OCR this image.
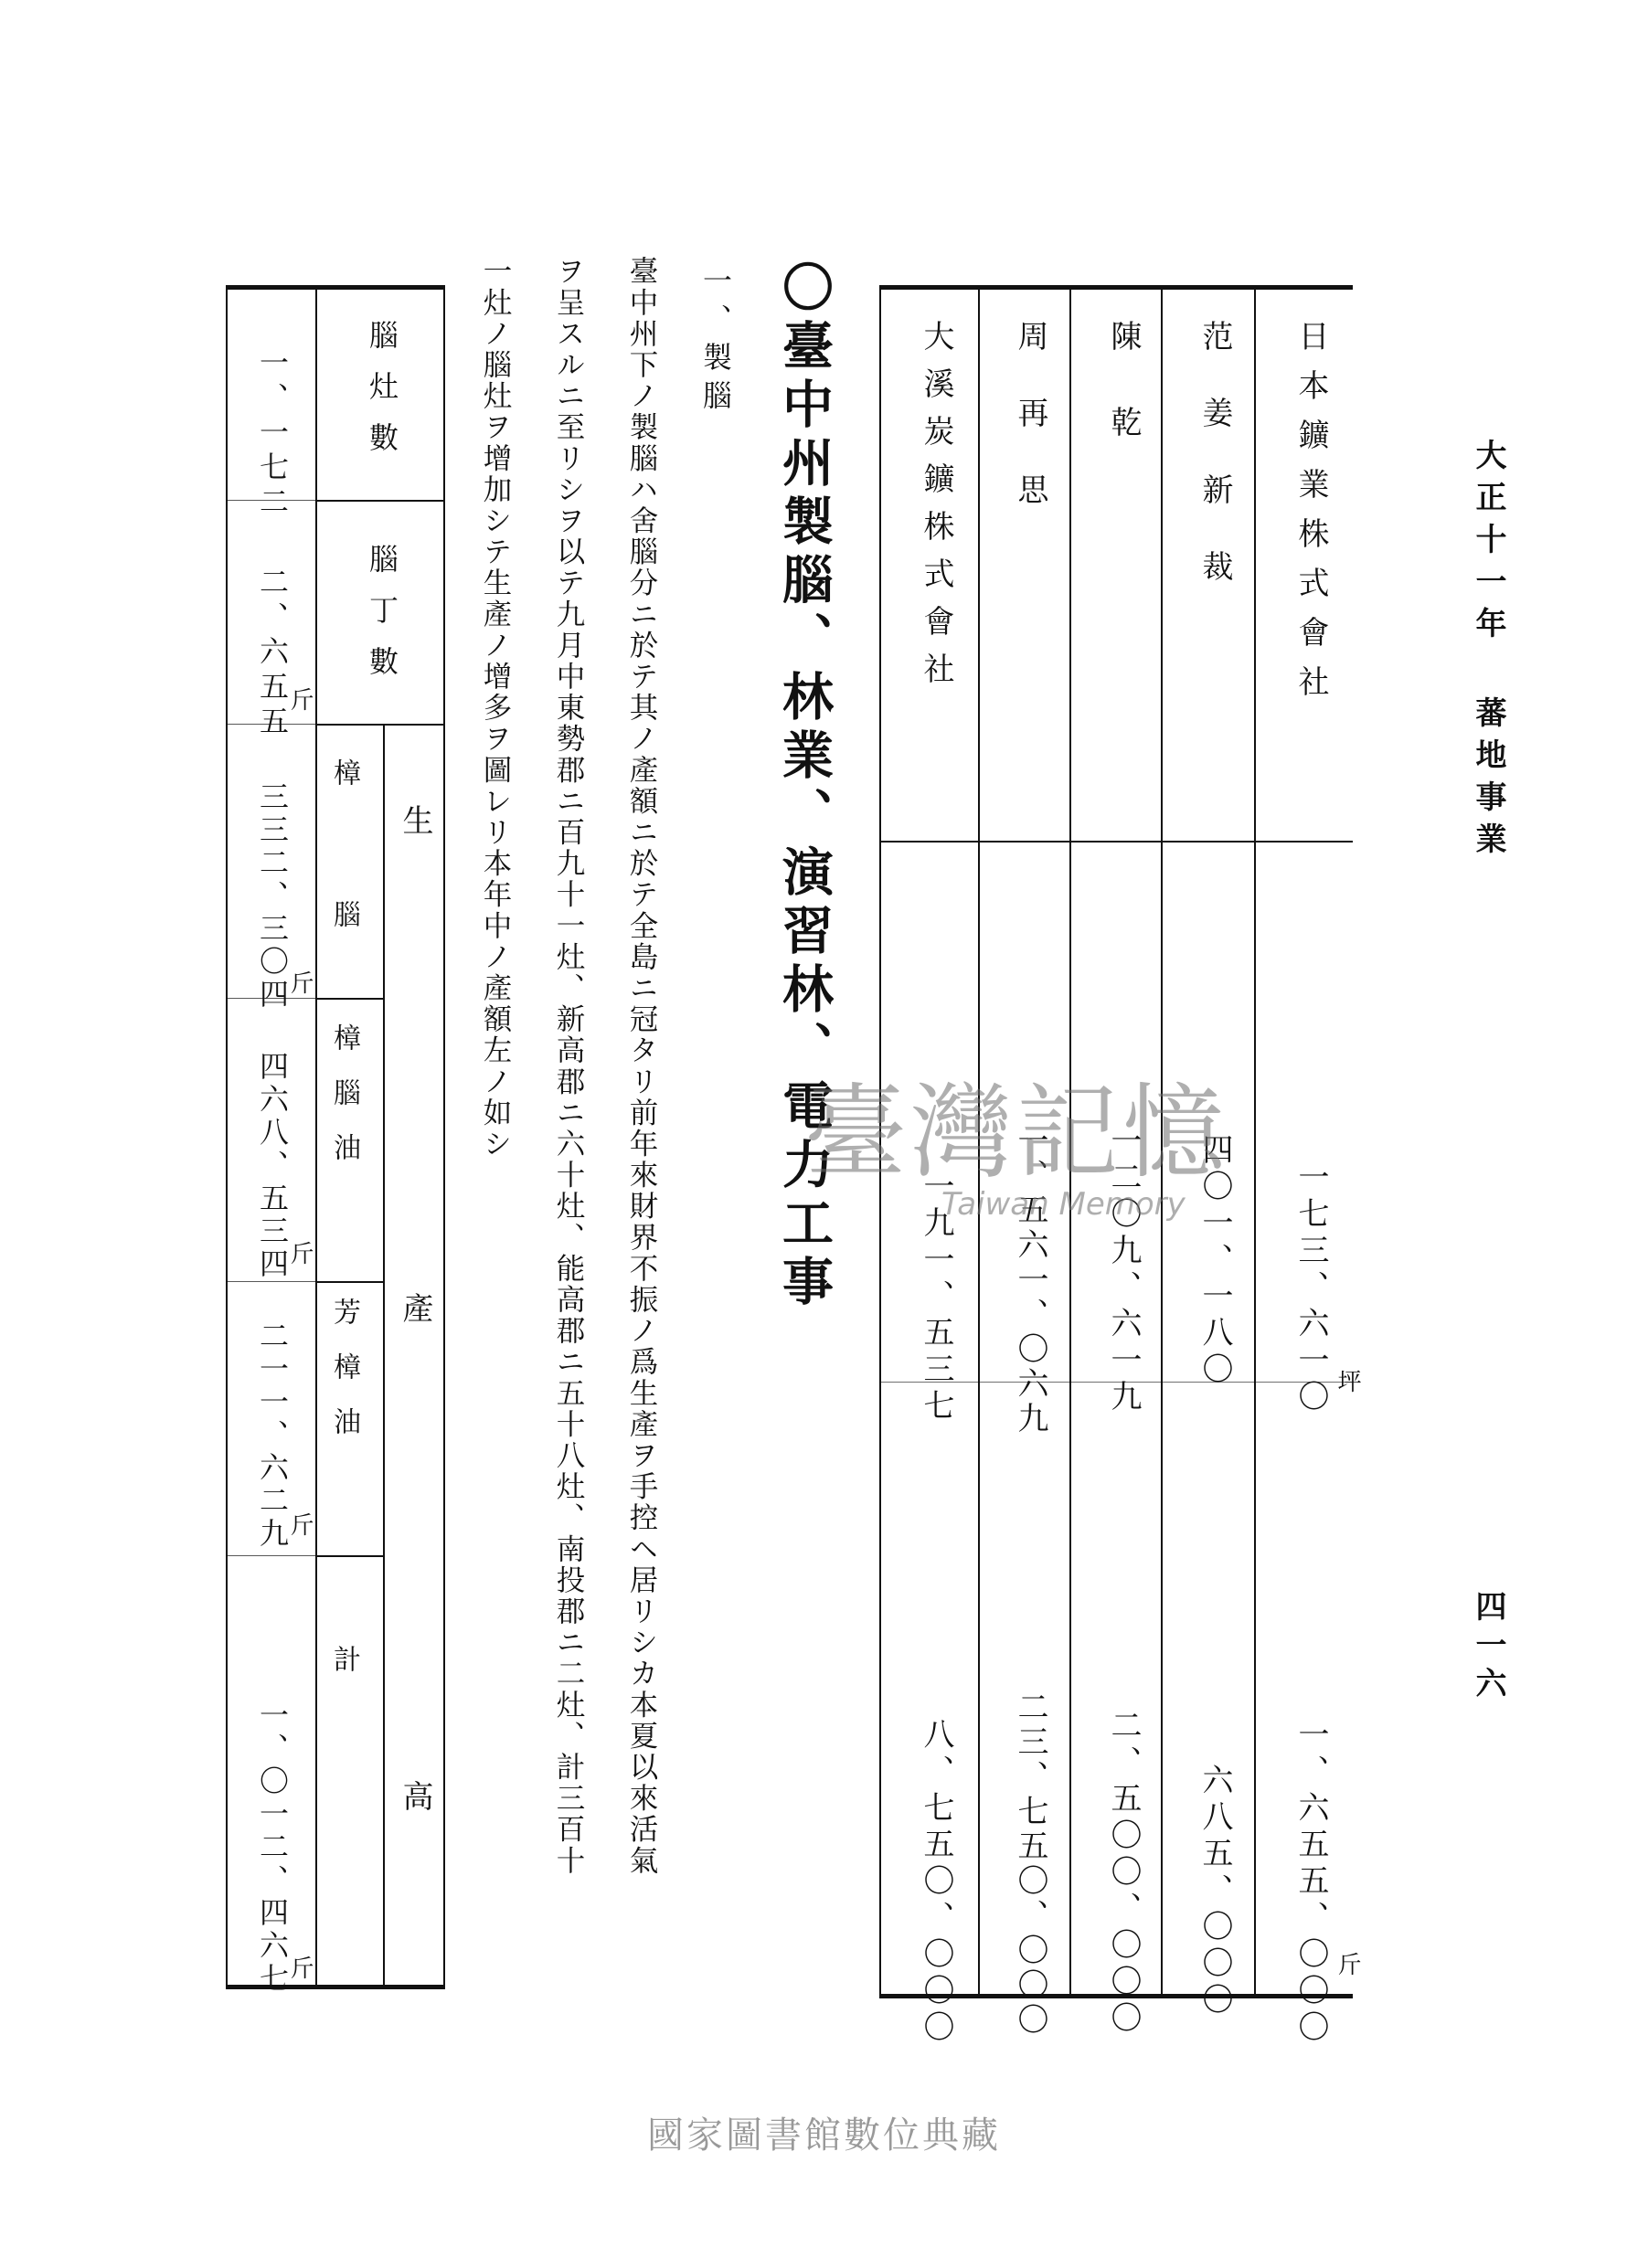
大正十一年 蕃地事業
四一六
日本鑛業株式會社
一七三、六一〇 坪
一、六五五、〇〇〇 斤
范姜新裁
四〇一、一八〇
六八五、〇〇〇
陳乾
一二〇九、六一九
二、五〇〇、〇〇〇
周再思
一、五六一、〇六九
二三、七五〇、〇〇〇
大溪炭鑛株式會社
一九一、五三七
八、七五〇、〇〇〇
〇臺中州製腦、林業、演習林、電力工事
一、製腦
臺中州下ノ製腦ハ舍腦分ニ於テ其ノ產額ニ於テ全島ニ冠タリ前年來財界不振ノ爲生產ヲ手控ヘ居リシカ本夏以來活氣
ヲ呈スルニ至リシヲ以テ九月中東勢郡ニ百九十一灶、新高郡ニ六十灶、能高郡ニ五十八灶、南投郡ニ二灶、計三百十
一灶ノ腦灶ヲ增加シテ生產ノ增多ヲ圖レリ本年中ノ產額左ノ如シ
腦灶數
腦丁數
生產高
樟腦
樟腦油
芳樟油
計
一、一七二
二、六五五
斤
三三二、三〇四
斤
四六八、五三四
斤
二一一、六二九
斤
一、〇一二、四六七
斤
臺灣記憶
Taiwan Memory
國家圖書館數位典藏
